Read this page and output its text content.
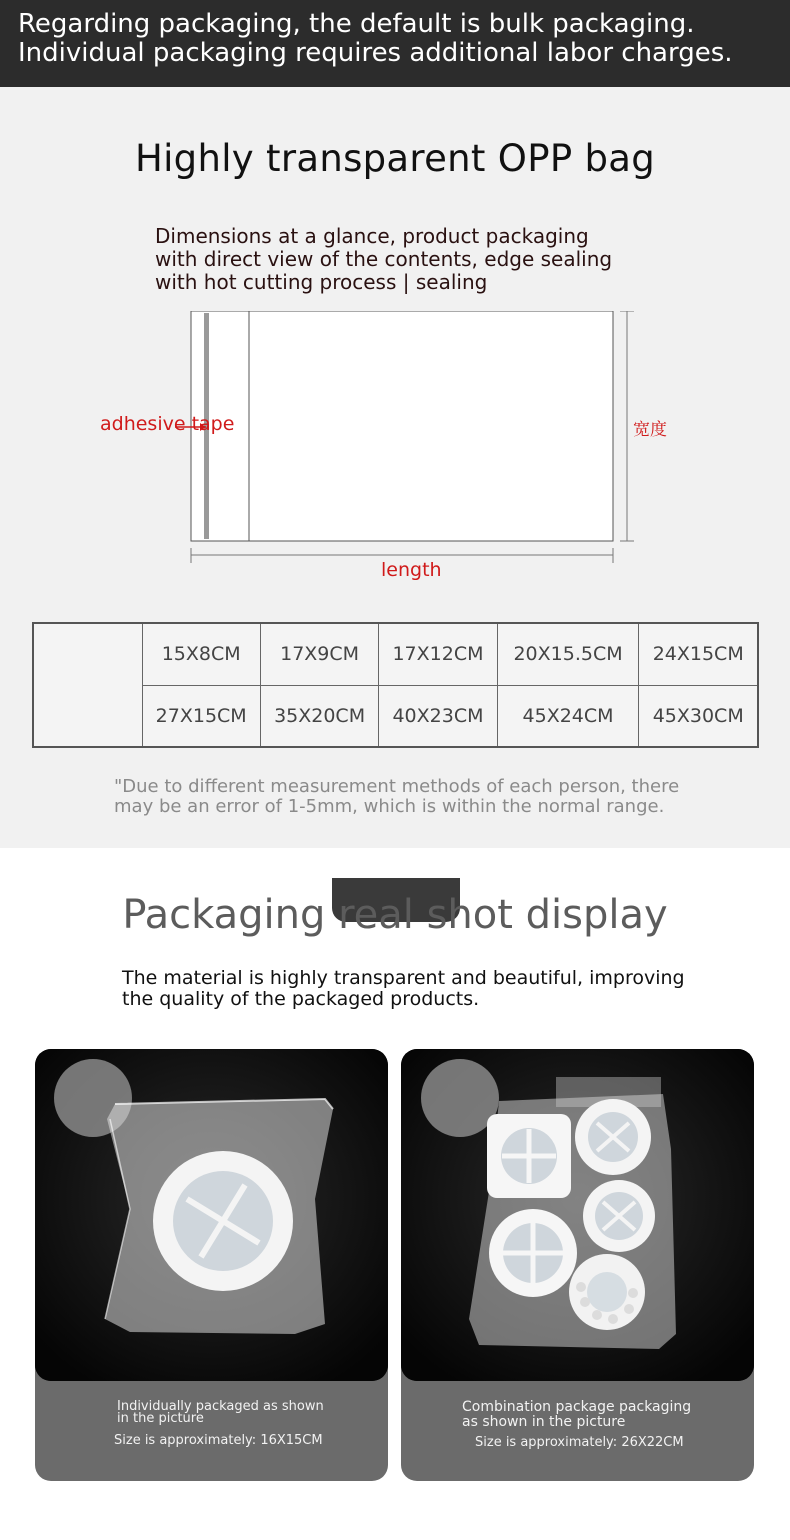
Regarding packaging, the default is bulk packaging.
Individual packaging requires additional labor charges.
Highly transparent OPP bag
Dimensions at a glance, product packaging
with direct view of the contents, edge sealing
with hot cutting process | sealing
adhesive tape	宽度
length
	15X8CM	17X9CM	17X12CM	20X15.5CM	24X15CM
	27X15CM	35X20CM	40X23CM	45X24CM	45X30CM
"Due to different measurement methods of each person, there
may be an error of 1-5mm, which is within the normal range.
Packaging real shot display
The material is highly transparent and beautiful, improving
the quality of the packaged products.
Individually packaged as shown
in the picture
Size is approximately: 16X15CM
Combination package packaging
as shown in the picture
Size is approximately: 26X22CM
